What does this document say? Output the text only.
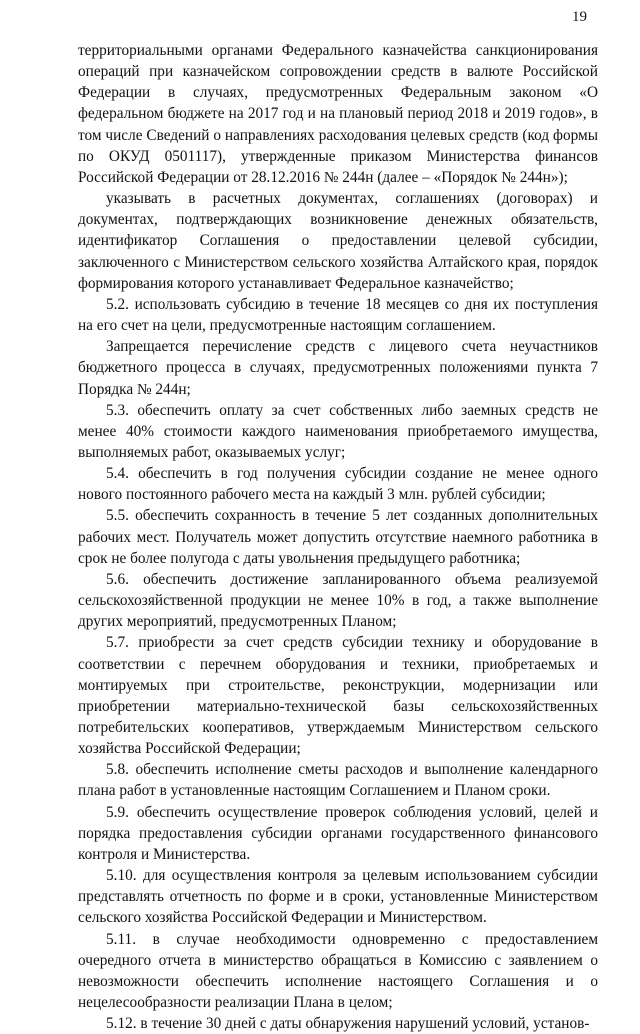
19

территориальными органами Федерального казначейства санкционирования операций при казначейском сопровождении средств в валюте Российской Федерации в случаях, предусмотренных Федеральным законом «О федеральном бюджете на 2017 год и на плановый период 2018 и 2019 годов», в том числе Сведений о направлениях расходования целевых средств (код формы по ОКУД 0501117), утвержденные приказом Министерства финансов Российской Федерации от 28.12.2016 № 244н (далее – «Порядок № 244н»);

указывать в расчетных документах, соглашениях (договорах) и документах, подтверждающих возникновение денежных обязательств, идентификатор Соглашения о предоставлении целевой субсидии, заключенного с Министерством сельского хозяйства Алтайского края, порядок формирования которого устанавливает Федеральное казначейство;

5.2. использовать субсидию в течение 18 месяцев со дня их поступления на его счет на цели, предусмотренные настоящим соглашением.

Запрещается перечисление средств с лицевого счета неучастников бюджетного процесса в случаях, предусмотренных положениями пункта 7 Порядка № 244н;

5.3. обеспечить оплату за счет собственных либо заемных средств не менее 40% стоимости каждого наименования приобретаемого имущества, выполняемых работ, оказываемых услуг;

5.4. обеспечить в год получения субсидии создание не менее одного нового постоянного рабочего места на каждый 3 млн. рублей субсидии;

5.5. обеспечить сохранность в течение 5 лет созданных дополнительных рабочих мест. Получатель может допустить отсутствие наемного работника в срок не более полугода с даты увольнения предыдущего работника;

5.6. обеспечить достижение запланированного объема реализуемой сельскохозяйственной продукции не менее 10% в год, а также выполнение других мероприятий, предусмотренных Планом;

5.7. приобрести за счет средств субсидии технику и оборудование в соответствии с перечнем оборудования и техники, приобретаемых и монтируемых при строительстве, реконструкции, модернизации или приобретении материально-технической базы сельскохозяйственных потребительских кооперативов, утверждаемым Министерством сельского хозяйства Российской Федерации;

5.8. обеспечить исполнение сметы расходов и выполнение календарного плана работ в установленные настоящим Соглашением и Планом сроки.

5.9. обеспечить осуществление проверок соблюдения условий, целей и порядка предоставления субсидии органами государственного финансового контроля и Министерства.

5.10. для осуществления контроля за целевым использованием субсидии представлять отчетность по форме и в сроки, установленные Министерством сельского хозяйства Российской Федерации и Министерством.

5.11. в случае необходимости одновременно с предоставлением очередного отчета в министерство обращаться в Комиссию с заявлением о невозможности обеспечить исполнение настоящего Соглашения и о нецелесообразности реализации Плана в целом;

5.12. в течение 30 дней с даты обнаружения нарушений условий, установ-
